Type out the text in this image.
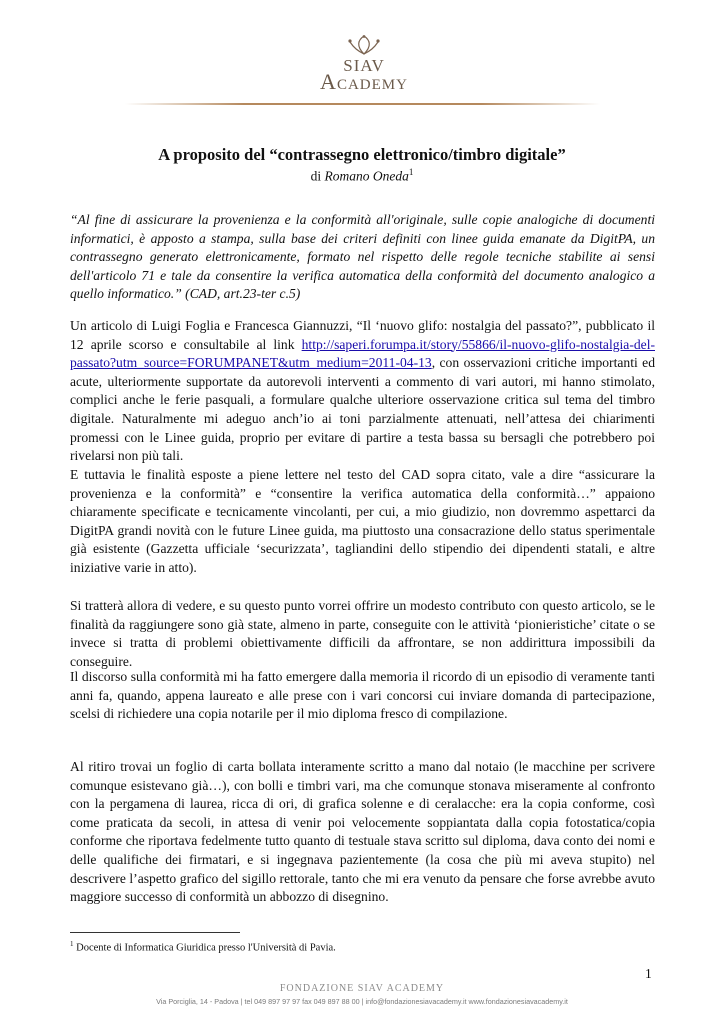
SIAV
ACADEMY
A proposito del “contrassegno elettronico/timbro digitale”
di Romano Oneda$^1$

“Al fine di assicurare la provenienza e la conformità all'originale, sulle copie analogiche di documenti informatici, è apposto a stampa, sulla base dei criteri definiti con linee guida emanate da DigitPA, un contrassegno generato elettronicamente, formato nel rispetto delle regole tecniche stabilite ai sensi dell'articolo 71 e tale da consentire la verifica automatica della conformità del documento analogico a quello informatico.” (CAD, art.23-ter c.5)

Un articolo di Luigi Foglia e Francesca Giannuzzi, “Il ‘nuovo glifo: nostalgia del passato?”, pubblicato il 12 aprile scorso e consultabile al link http://saperi.forumpa.it/story/55866/il-nuovo-glifo-nostalgia-del-passato?utm_source=FORUMPANET&utm_medium=2011-04-13, con osservazioni critiche importanti ed acute, ulteriormente supportate da autorevoli interventi a commento di vari autori, mi hanno stimolato, complici anche le ferie pasquali, a formulare qualche ulteriore osservazione critica sul tema del timbro digitale. Naturalmente mi adeguo anch’io ai toni parzialmente attenuati, nell’attesa dei chiarimenti promessi con le Linee guida, proprio per evitare di partire a testa bassa su bersagli che potrebbero poi rivelarsi non più tali.

E tuttavia le finalità esposte a piene lettere nel testo del CAD sopra citato, vale a dire “assicurare la provenienza e la conformità” e “consentire la verifica automatica della conformità…” appaiono chiaramente specificate e tecnicamente vincolanti, per cui, a mio giudizio, non dovremmo aspettarci da DigitPA grandi novità con le future Linee guida, ma piuttosto una consacrazione dello status sperimentale già esistente (Gazzetta ufficiale ‘securizzata’, tagliandini dello stipendio dei dipendenti statali, e altre iniziative varie in atto).

Si tratterà allora di vedere, e su questo punto vorrei offrire un modesto contributo con questo articolo, se le finalità da raggiungere sono già state, almeno in parte, conseguite con le attività ‘pionieristiche’ citate o se invece si tratta di problemi obiettivamente difficili da affrontare, se non addirittura impossibili da conseguire.

Il discorso sulla conformità mi ha fatto emergere dalla memoria il ricordo di un episodio di veramente tanti anni fa, quando, appena laureato e alle prese con i vari concorsi cui inviare domanda di partecipazione, scelsi di richiedere una copia notarile per il mio diploma fresco di compilazione.

Al ritiro trovai un foglio di carta bollata interamente scritto a mano dal notaio (le macchine per scrivere comunque esistevano già…), con bolli e timbri vari, ma che comunque stonava miseramente al confronto con la pergamena di laurea, ricca di ori, di grafica solenne e di ceralacche: era la copia conforme, così come praticata da secoli, in attesa di venir poi velocemente soppiantata dalla copia fotostatica/copia conforme che riportava fedelmente tutto quanto di testuale stava scritto sul diploma, dava conto dei nomi e delle qualifiche dei firmatari, e si ingegnava pazientemente (la cosa che più mi aveva stupito) nel descrivere l’aspetto grafico del sigillo rettorale, tanto che mi era venuto da pensare che forse avrebbe avuto maggiore successo di conformità un abbozzo di disegnino.

$^1$ Docente di Informatica Giuridica presso l'Università di Pavia.
1
FONDAZIONE SIAV ACADEMY
Via Porciglia, 14 - Padova | tel 049 897 97 97 fax 049 897 88 00 | info@fondazionesiavacademy.it www.fondazionesiavacademy.it
